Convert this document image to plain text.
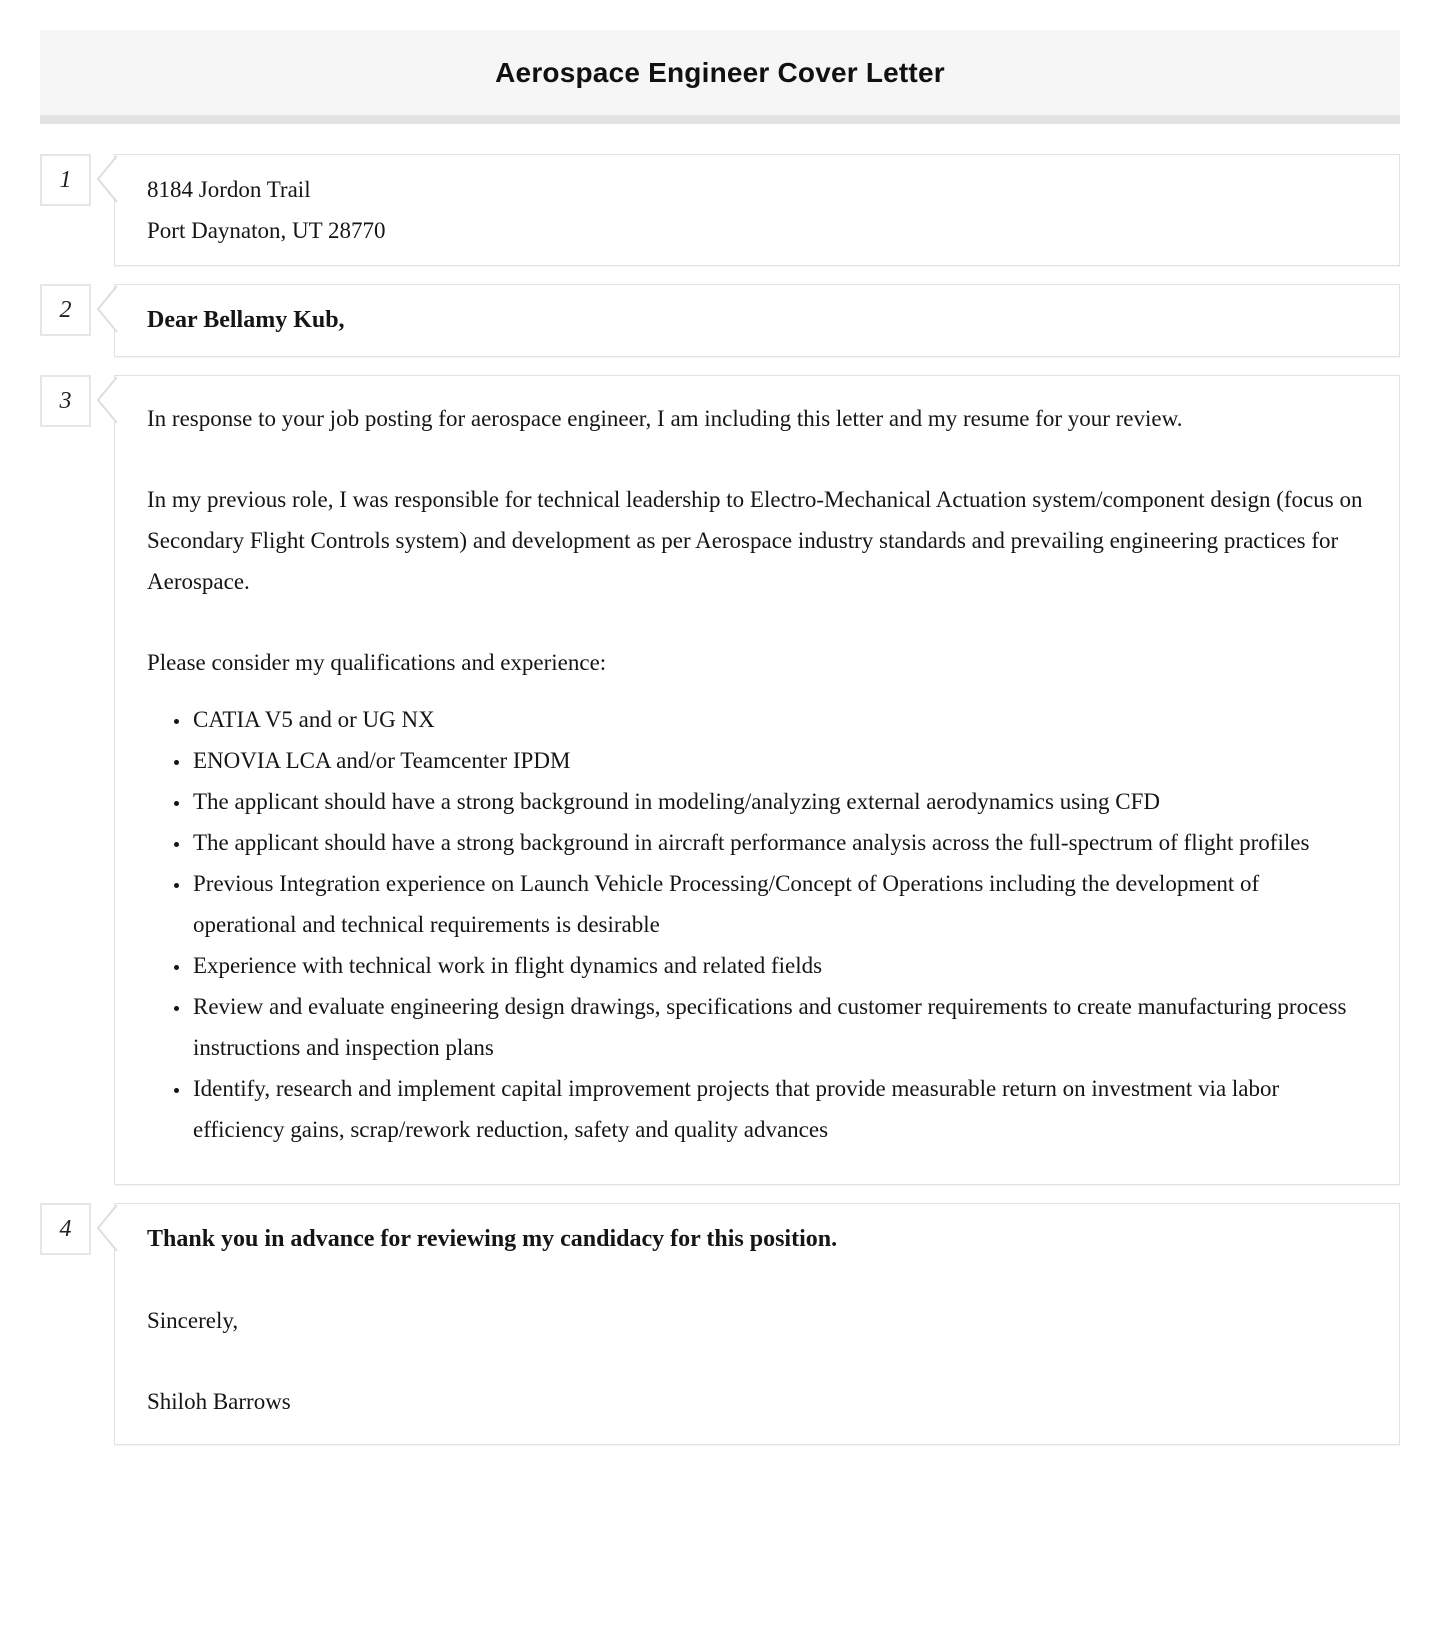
Aerospace Engineer Cover Letter
1	8184 Jordon Trail

Port Daynaton, UT 28770

2	Dear Bellamy Kub,

3

In response to your job posting for aerospace engineer, I am including this letter and my resume for your review.

In my previous role, I was responsible for technical leadership to Electro-Mechanical Actuation system/component design (focus on Secondary Flight Controls system) and development as per Aerospace industry standards and prevailing engineering practices for Aerospace.

Please consider my qualifications and experience:

• CATIA V5 and or UG NX
• ENOVIA LCA and/or Teamcenter IPDM
• The applicant should have a strong background in modeling/analyzing external aerodynamics using CFD
• The applicant should have a strong background in aircraft performance analysis across the full-spectrum of flight profiles
• Previous Integration experience on Launch Vehicle Processing/Concept of Operations including the development of operational and technical requirements is desirable
• Experience with technical work in flight dynamics and related fields
• Review and evaluate engineering design drawings, specifications and customer requirements to create manufacturing process instructions and inspection plans
• Identify, research and implement capital improvement projects that provide measurable return on investment via labor efficiency gains, scrap/rework reduction, safety and quality advances
4	Thank you in advance for reviewing my candidacy for this position.

Sincerely,

Shiloh Barrows
